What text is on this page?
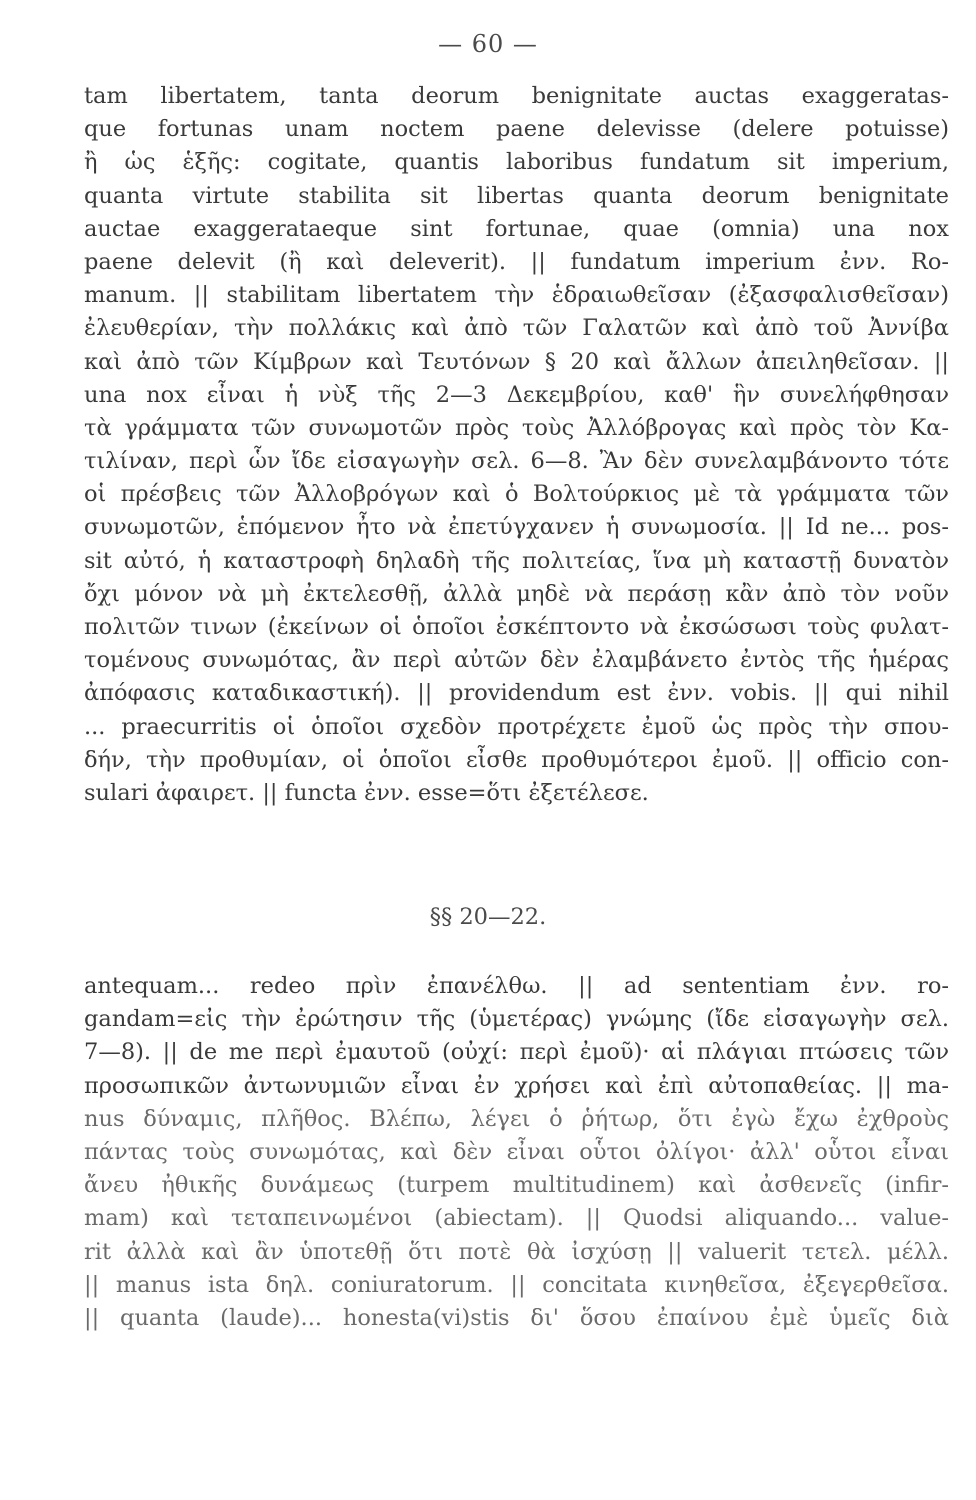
— 60 —
tam libertatem, tanta deorum benignitate auctas exaggeratas-
que fortunas unam noctem paene delevisse (delere potuisse)
ἢ ὡς ἑξῆς: cogitate, quantis laboribus fundatum sit imperium,
quanta virtute stabilita sit libertas quanta deorum benignitate
auctae exaggerataeque sint fortunae, quae (omnia) una nox
paene delevit (ἢ καὶ deleverit). || fundatum imperium ἐνν. Ro-
manum. || stabilitam libertatem τὴν ἑδραιωθεῖσαν (ἐξασφαλισθεῖσαν)
ἐλευθερίαν, τὴν πολλάκις καὶ ἀπὸ τῶν Γαλατῶν καὶ ἀπὸ τοῦ Ἀννίβα
καὶ ἀπὸ τῶν Κίμβρων καὶ Τευτόνων § 20 καὶ ἄλλων ἀπειληθεῖσαν. ||
una nox εἶναι ἡ νὺξ τῆς 2—3 Δεκεμβρίου, καθ' ἣν συνελήφθησαν
τὰ γράμματα τῶν συνωμοτῶν πρὸς τοὺς Ἀλλόβρογας καὶ πρὸς τὸν Κα-
τιλίναν, περὶ ὧν ἴδε εἰσαγωγὴν σελ. 6—8. Ἂν δὲν συνελαμβάνοντο τότε
οἱ πρέσβεις τῶν Ἀλλοβρόγων καὶ ὁ Βολτούρκιος μὲ τὰ γράμματα τῶν
συνωμοτῶν, ἑπόμενον ἦτο νὰ ἐπετύγχανεν ἡ συνωμοσία. || Id ne... pos-
sit αὐτό, ἡ καταστροφὴ δηλαδὴ τῆς πολιτείας, ἵνα μὴ καταστῇ δυνατὸν
ὄχι μόνον νὰ μὴ ἐκτελεσθῇ, ἀλλὰ μηδὲ νὰ περάσῃ κἂν ἀπὸ τὸν νοῦν
πολιτῶν τινων (ἐκείνων οἱ ὁποῖοι ἐσκέπτοντο νὰ ἐκσώσωσι τοὺς φυλατ-
τομένους συνωμότας, ἂν περὶ αὐτῶν δὲν ἐλαμβάνετο ἐντὸς τῆς ἡμέρας
ἀπόφασις καταδικαστική). || providendum est ἐνν. vobis. || qui nihil
... praecurritis οἱ ὁποῖοι σχεδὸν προτρέχετε ἐμοῦ ὡς πρὸς τὴν σπου-
δήν, τὴν προθυμίαν, οἱ ὁποῖοι εἶσθε προθυμότεροι ἐμοῦ. || officio con-
sulari ἀφαιρετ. || functa ἐνν. esse=ὅτι ἐξετέλεσε.
§§ 20—22.
antequam... redeo πρὶν ἐπανέλθω. || ad sententiam ἐνν. ro-
gandam=εἰς τὴν ἐρώτησιν τῆς (ὑμετέρας) γνώμης (ἴδε εἰσαγωγὴν σελ.
7—8). || de me περὶ ἐμαυτοῦ (οὐχί: περὶ ἐμοῦ)· αἱ πλάγιαι πτώσεις τῶν
προσωπικῶν ἀντωνυμιῶν εἶναι ἐν χρήσει καὶ ἐπὶ αὐτοπαθείας. || ma-
nus δύναμις, πλῆθος. Βλέπω, λέγει ὁ ῥήτωρ, ὅτι ἐγὼ ἔχω ἐχθροὺς
πάντας τοὺς συνωμότας, καὶ δὲν εἶναι οὗτοι ὀλίγοι· ἀλλ' οὗτοι εἶναι
ἄνευ ἠθικῆς δυνάμεως (turpem multitudinem) καὶ ἀσθενεῖς (infir-
mam) καὶ τεταπεινωμένοι (abiectam). || Quodsi aliquando... value-
rit ἀλλὰ καὶ ἂν ὑποτεθῇ ὅτι ποτὲ θὰ ἰσχύσῃ || valuerit τετελ. μέλλ.
|| manus ista δηλ. coniuratorum. || concitata κινηθεῖσα, ἐξεγερθεῖσα.
|| quanta (laude)... honesta(vi)stis δι' ὅσου ἐπαίνου ἐμὲ ὑμεῖς διὰ
